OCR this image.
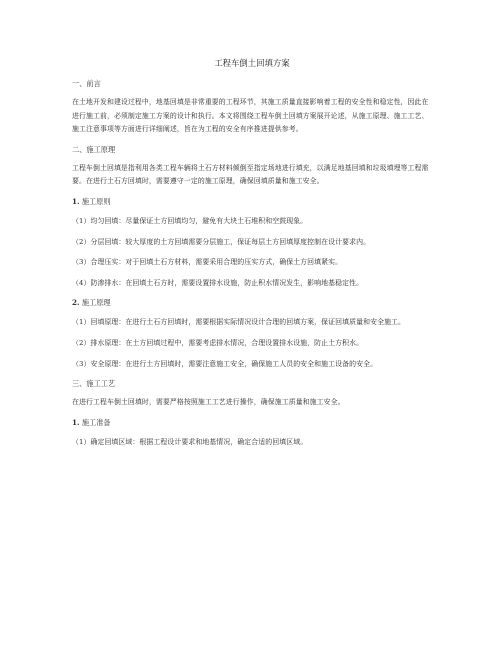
工程车倒土回填方案
一、前言
在土地开发和建设过程中，地基回填是非常重要的工程环节，其施工质量直接影响着工程的安全性和稳定性，因此在进行施工前，必须制定施工方案的设计和执行。本文将围绕工程车倒土回填方案展开论述，从施工原理、施工工艺、施工注意事项等方面进行详细阐述，旨在为工程的安全有序推进提供参考。
二、施工原理
工程车倒土回填是指利用各类工程车辆将土石方材料倾倒至指定场地进行填充，以满足地基回填和垃圾填埋等工程需要。在进行土石方回填时，需要遵守一定的施工原理，确保回填质量和施工安全。
1. 施工原则
（1）均匀回填：尽量保证土方回填均匀，避免有大块土石堆积和空鼓现象。
（2）分层回填：较大厚度的土方回填需要分层施工，保证每层土方回填厚度控制在设计要求内。
（3）合理压实：对于回填土石方材料，需要采用合理的压实方式，确保土方回填紧实。
（4）防渗排水：在回填土石方时，需要设置排水设施，防止积水情况发生，影响地基稳定性。
2. 施工原理
（1）回填原理：在进行土石方回填时，需要根据实际情况设计合理的回填方案，保证回填质量和安全施工。
（2）排水原理：在土方回填过程中，需要考虑排水情况，合理设置排水设施，防止土方积水。
（3）安全原理：在进行土方回填时，需要注意施工安全，确保施工人员的安全和施工设备的安全。
三、施工工艺
在进行工程车倒土回填时，需要严格按照施工工艺进行操作，确保施工质量和施工安全。
1. 施工准备
（1）确定回填区域：根据工程设计要求和地基情况，确定合适的回填区域。
